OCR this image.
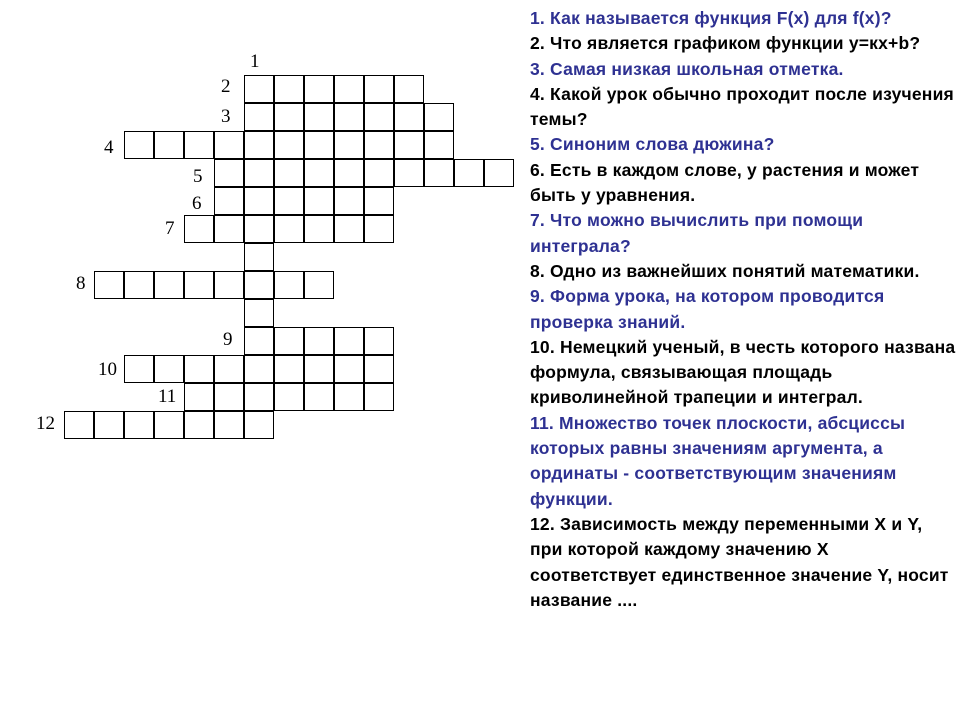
1
2
3
4
5
6
7
8
9
10
11
12

1. Как называется функция F(x) для f(x)?

2. Что является графиком функции y=кx+b?

3. Самая низкая школьная отметка.

4. Какой урок обычно проходит после изучения темы?

5. Синоним слова дюжина?

6. Есть в каждом слове, у растения и может быть у уравнения.

7. Что можно вычислить при помощи интеграла?

8. Одно из важнейших понятий математики.

9. Форма урока, на котором проводится проверка знаний.

10. Немецкий ученый, в честь которого названа формула, связывающая площадь криволинейной трапеции и интеграл.

11. Множество точек плоскости, абсциссы которых равны значениям аргумента, а ординаты - соответствующим значениям функции.

12. Зависимость между переменными X и Y, при которой каждому значению X соответствует единственное значение Y, носит название ....
